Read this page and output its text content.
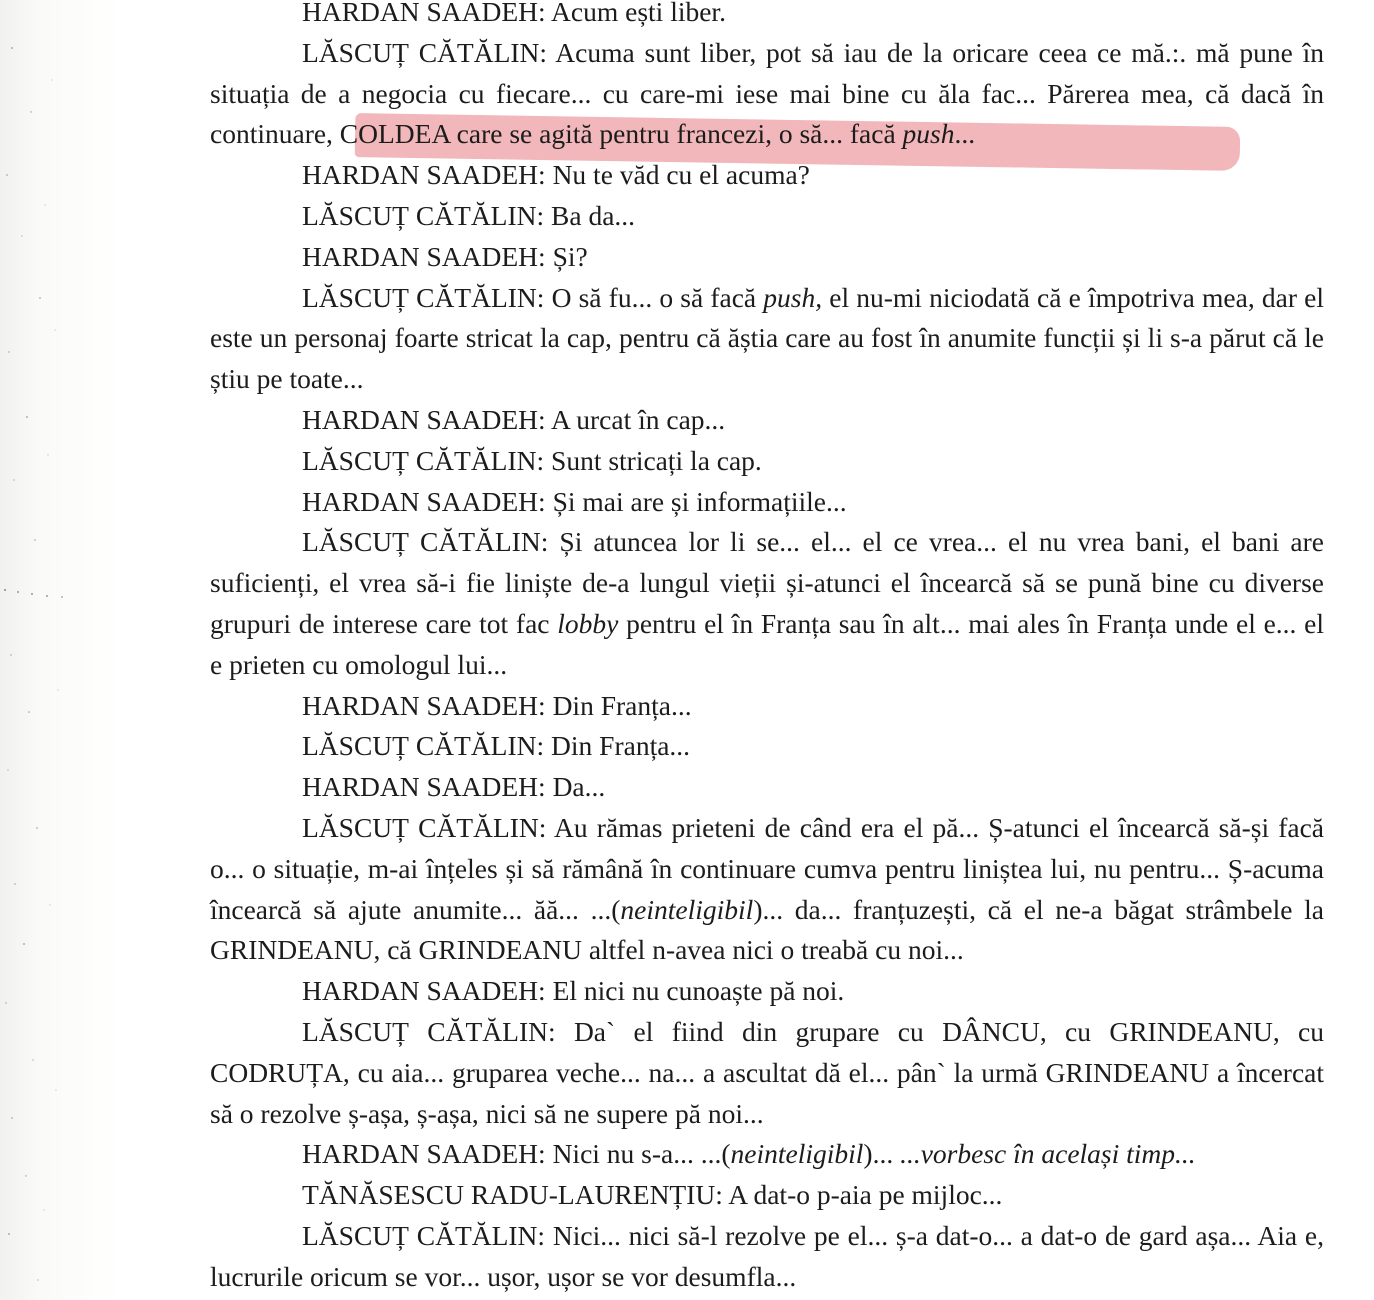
HARDAN SAADEH: Acum ești liber.

LĂSCUȚ CĂTĂLIN: Acuma sunt liber, pot să iau de la oricare ceea ce mă.:. mă pune în situația de a negocia cu fiecare... cu care-mi iese mai bine cu ăla fac... Părerea mea, că dacă în continuare, COLDEA care se agită pentru francezi, o să... facă push...

HARDAN SAADEH: Nu te văd cu el acuma?

LĂSCUȚ CĂTĂLIN: Ba da...

HARDAN SAADEH: Și?

LĂSCUȚ CĂTĂLIN: O să fu... o să facă push, el nu-mi niciodată că e împotriva mea, dar el este un personaj foarte stricat la cap, pentru că ăștia care au fost în anumite funcții și li s-a părut că le știu pe toate...

HARDAN SAADEH: A urcat în cap...

LĂSCUȚ CĂTĂLIN: Sunt stricați la cap.

HARDAN SAADEH: Și mai are și informațiile...

LĂSCUȚ CĂTĂLIN: Și atuncea lor li se... el... el ce vrea... el nu vrea bani, el bani are suficienți, el vrea să-i fie liniște de-a lungul vieții și-atunci el încearcă să se pună bine cu diverse grupuri de interese care tot fac lobby pentru el în Franța sau în alt... mai ales în Franța unde el e... el e prieten cu omologul lui...

HARDAN SAADEH: Din Franța...

LĂSCUȚ CĂTĂLIN: Din Franța...

HARDAN SAADEH: Da...

LĂSCUȚ CĂTĂLIN: Au rămas prieteni de când era el pă... Ș-atunci el încearcă să-și facă o... o situație, m-ai înțeles și să rămână în continuare cumva pentru liniștea lui, nu pentru... Ș-acuma încearcă să ajute anumite... ăă... ...(neinteligibil)... da... franțuzești, că el ne-a băgat strâmbele la GRINDEANU, că GRINDEANU altfel n-avea nici o treabă cu noi...

HARDAN SAADEH: El nici nu cunoaște pă noi.

LĂSCUȚ CĂTĂLIN: Da` el fiind din grupare cu DÂNCU, cu GRINDEANU, cu CODRUȚA, cu aia... gruparea veche... na... a ascultat dă el... pân` la urmă GRINDEANU a încercat să o rezolve ș-așa, ș-așa, nici să ne supere pă noi...

HARDAN SAADEH: Nici nu s-a... ...(neinteligibil)... ...vorbesc în același timp...

TĂNĂSESCU RADU-LAURENȚIU: A dat-o p-aia pe mijloc...

LĂSCUȚ CĂTĂLIN: Nici... nici să-l rezolve pe el... ș-a dat-o... a dat-o de gard așa... Aia e, lucrurile oricum se vor... ușor, ușor se vor desumfla...
